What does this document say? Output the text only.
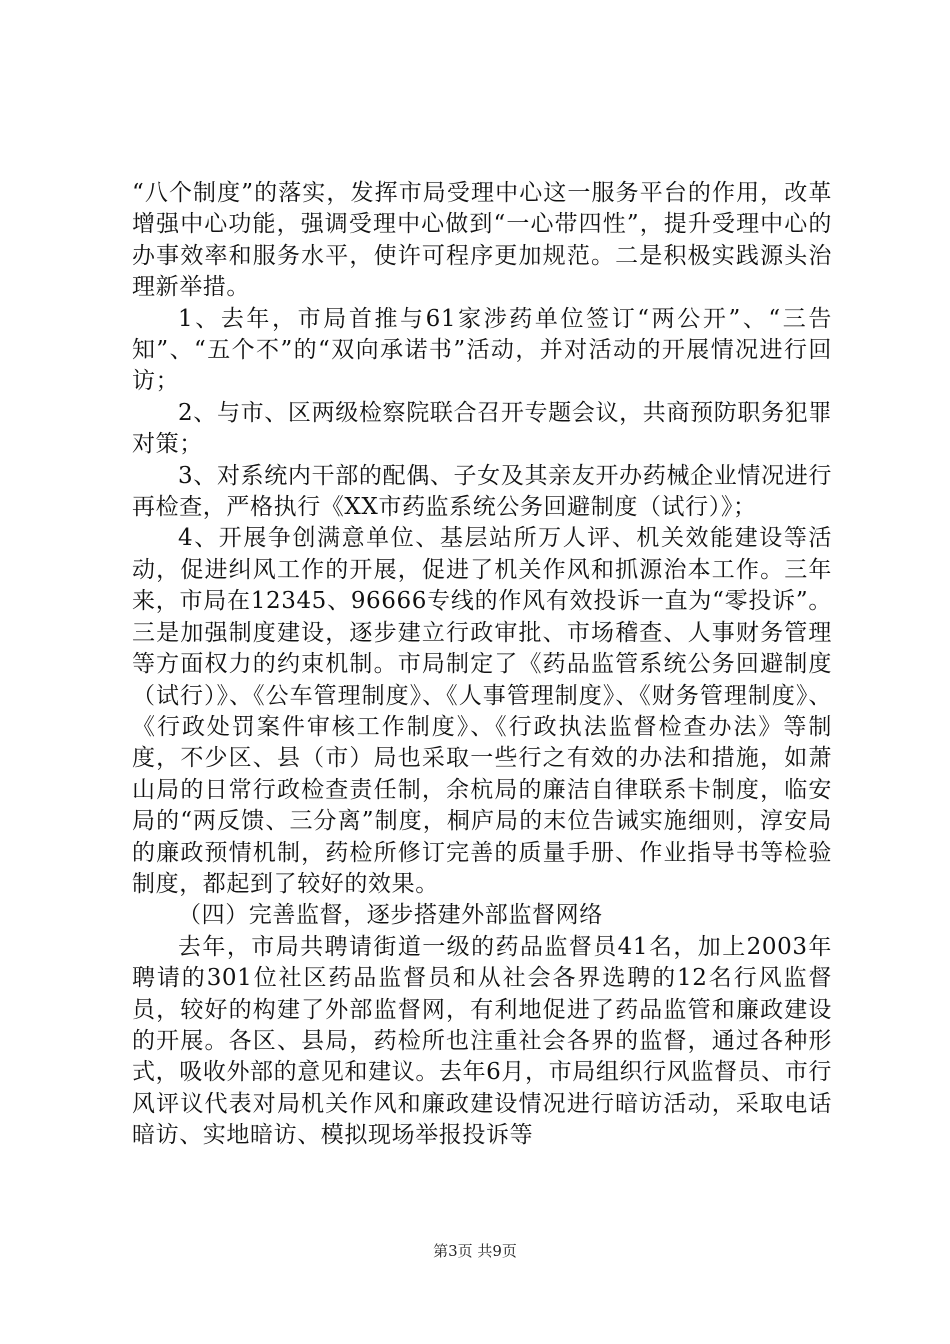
“八个制度”的落实，发挥市局受理中心这一服务平台的作用，改革增强中心功能，强调受理中心做到“一心带四性”，提升受理中心的办事效率和服务水平，使许可程序更加规范。二是积极实践源头治理新举措。

1、去年，市局首推与61家涉药单位签订“两公开”、“三告知”、“五个不”的“双向承诺书”活动，并对活动的开展情况进行回访；

2、与市、区两级检察院联合召开专题会议，共商预防职务犯罪对策；

3、对系统内干部的配偶、子女及其亲友开办药械企业情况进行再检查，严格执行《XX市药监系统公务回避制度（试行）》；

4、开展争创满意单位、基层站所万人评、机关效能建设等活动，促进纠风工作的开展，促进了机关作风和抓源治本工作。三年来，市局在12345、96666专线的作风有效投诉一直为“零投诉”。三是加强制度建设，逐步建立行政审批、市场稽查、人事财务管理等方面权力的约束机制。市局制定了《药品监管系统公务回避制度（试行）》、《公车管理制度》、《人事管理制度》、《财务管理制度》、《行政处罚案件审核工作制度》、《行政执法监督检查办法》等制度，不少区、县（市）局也采取一些行之有效的办法和措施，如萧山局的日常行政检查责任制，余杭局的廉洁自律联系卡制度，临安局的“两反馈、三分离”制度，桐庐局的末位告诫实施细则，淳安局的廉政预情机制，药检所修订完善的质量手册、作业指导书等检验制度，都起到了较好的效果。

（四）完善监督，逐步搭建外部监督网络

去年，市局共聘请街道一级的药品监督员41名，加上2003年聘请的301位社区药品监督员和从社会各界选聘的12名行风监督员，较好的构建了外部监督网，有利地促进了药品监管和廉政建设的开展。各区、县局，药检所也注重社会各界的监督，通过各种形式，吸收外部的意见和建议。去年6月，市局组织行风监督员、市行风评议代表对局机关作风和廉政建设情况进行暗访活动，采取电话暗访、实地暗访、模拟现场举报投诉等

第3页 共9页
